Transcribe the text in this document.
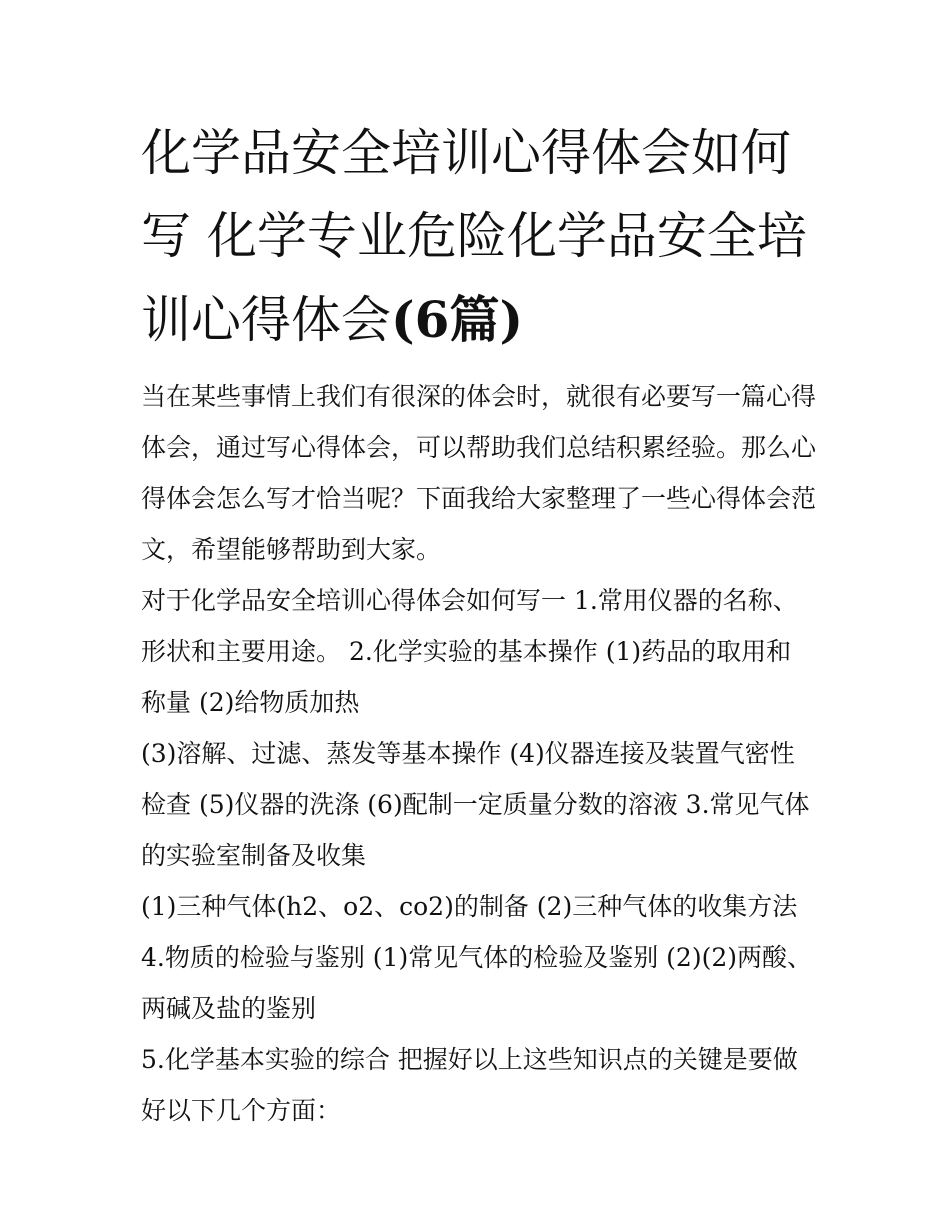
化学品安全培训心得体会如何写 化学专业危险化学品安全培训心得体会(6篇)

当在某些事情上我们有很深的体会时，就很有必要写一篇心得体会，通过写心得体会，可以帮助我们总结积累经验。那么心得体会怎么写才恰当呢？下面我给大家整理了一些心得体会范文，希望能够帮助到大家。

对于化学品安全培训心得体会如何写一 1.常用仪器的名称、形状和主要用途。 2.化学实验的基本操作 (1)药品的取用和称量 (2)给物质加热

(3)溶解、过滤、蒸发等基本操作 (4)仪器连接及装置气密性检查 (5)仪器的洗涤 (6)配制一定质量分数的溶液 3.常见气体的实验室制备及收集

(1)三种气体(h2、o2、co2)的制备 (2)三种气体的收集方法 4.物质的检验与鉴别 (1)常见气体的检验及鉴别 (2)(2)两酸、两碱及盐的鉴别

5.化学基本实验的综合 把握好以上这些知识点的关键是要做好以下几个方面：
